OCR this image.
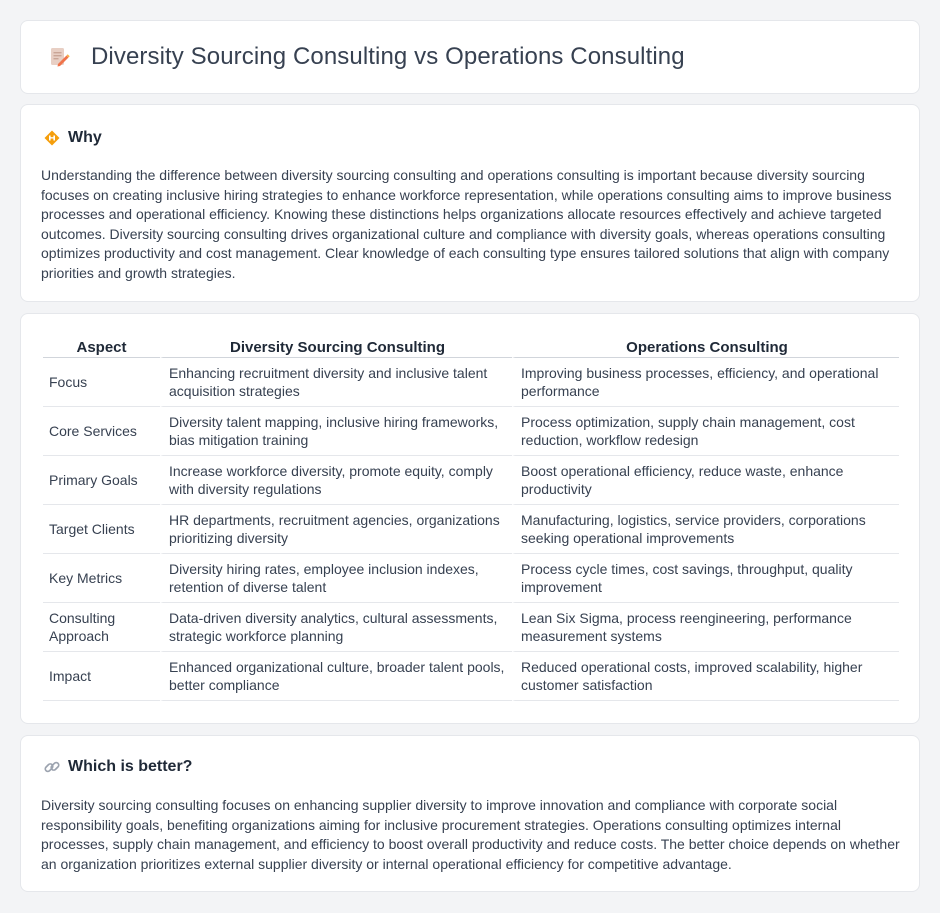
Diversity Sourcing Consulting vs Operations Consulting
Why

Understanding the difference between diversity sourcing consulting and operations consulting is important because diversity sourcing focuses on creating inclusive hiring strategies to enhance workforce representation, while operations consulting aims to improve business processes and operational efficiency. Knowing these distinctions helps organizations allocate resources effectively and achieve targeted outcomes. Diversity sourcing consulting drives organizational culture and compliance with diversity goals, whereas operations consulting optimizes productivity and cost management. Clear knowledge of each consulting type ensures tailored solutions that align with company priorities and growth strategies.

Aspect	Diversity Sourcing Consulting	Operations Consulting
Focus	Enhancing recruitment diversity and inclusive talent acquisition strategies	Improving business processes, efficiency, and operational performance
Core Services	Diversity talent mapping, inclusive hiring frameworks, bias mitigation training	Process optimization, supply chain management, cost reduction, workflow redesign
Primary Goals	Increase workforce diversity, promote equity, comply with diversity regulations	Boost operational efficiency, reduce waste, enhance productivity
Target Clients	HR departments, recruitment agencies, organizations prioritizing diversity	Manufacturing, logistics, service providers, corporations seeking operational improvements
Key Metrics	Diversity hiring rates, employee inclusion indexes, retention of diverse talent	Process cycle times, cost savings, throughput, quality improvement
Consulting Approach	Data-driven diversity analytics, cultural assessments, strategic workforce planning	Lean Six Sigma, process reengineering, performance measurement systems
Impact	Enhanced organizational culture, broader talent pools, better compliance	Reduced operational costs, improved scalability, higher customer satisfaction
Which is better?

Diversity sourcing consulting focuses on enhancing supplier diversity to improve innovation and compliance with corporate social responsibility goals, benefiting organizations aiming for inclusive procurement strategies. Operations consulting optimizes internal processes, supply chain management, and efficiency to boost overall productivity and reduce costs. The better choice depends on whether an organization prioritizes external supplier diversity or internal operational efficiency for competitive advantage.
